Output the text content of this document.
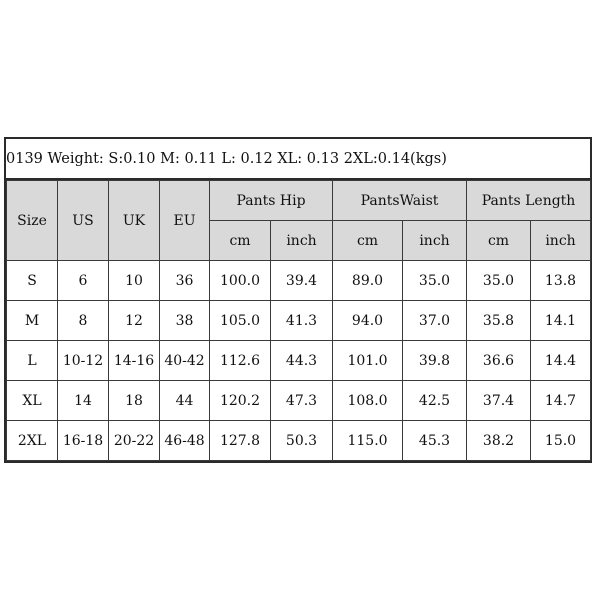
0139 Weight: S:0.10 M: 0.11 L: 0.12 XL: 0.13 2XL:0.14(kgs)
Size	US	UK	EU	Pants Hip		PantsWaist		Pants Length	
				cm	inch	cm	inch	cm	inch
S	6	10	36	100.0	39.4	89.0	35.0	35.0	13.8
M	8	12	38	105.0	41.3	94.0	37.0	35.8	14.1
L	10-12	14-16	40-42	112.6	44.3	101.0	39.8	36.6	14.4
XL	14	18	44	120.2	47.3	108.0	42.5	37.4	14.7
2XL	16-18	20-22	46-48	127.8	50.3	115.0	45.3	38.2	15.0
